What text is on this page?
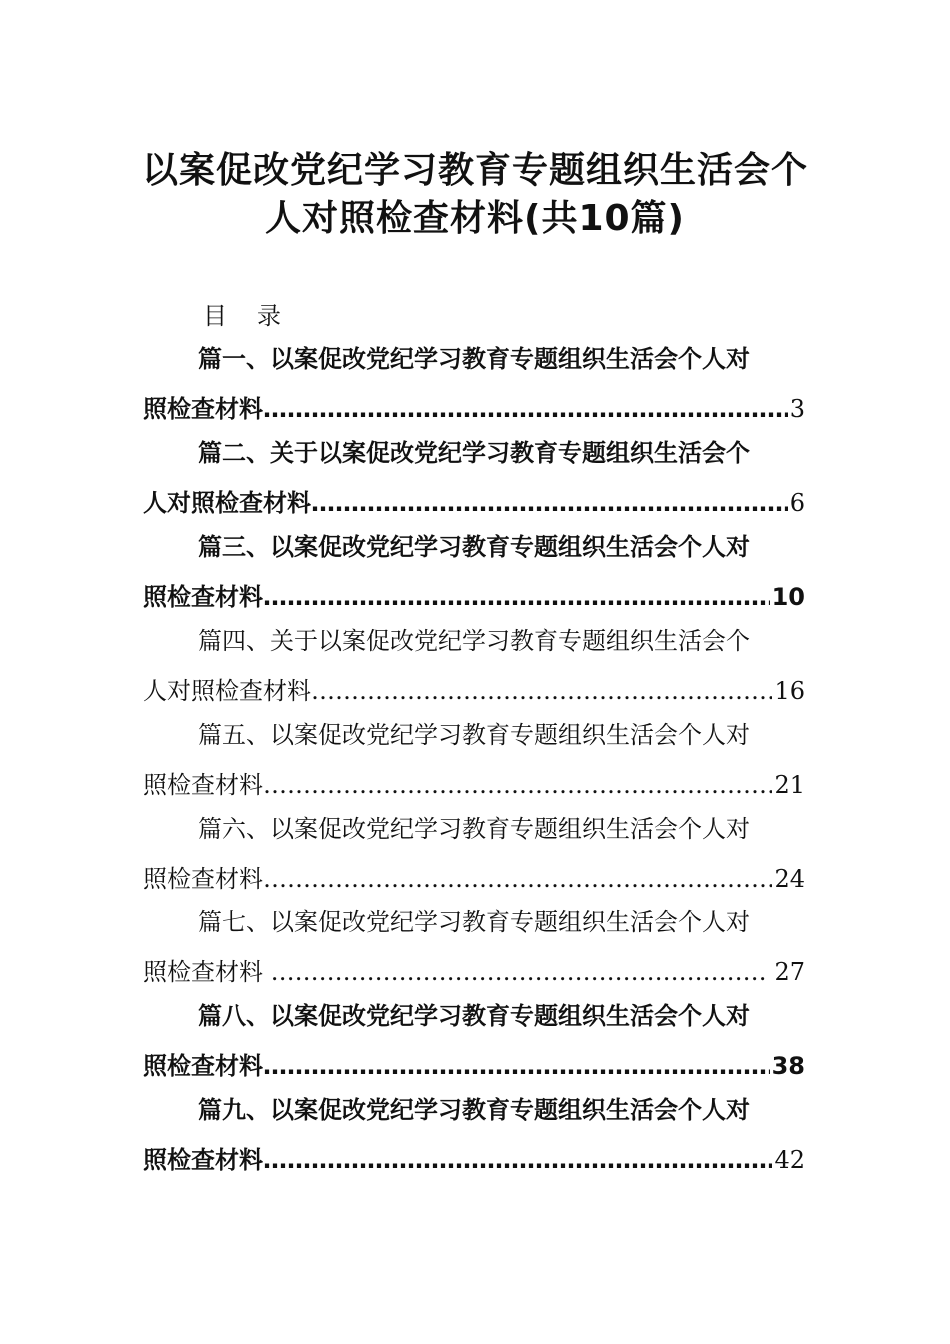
以案促改党纪学习教育专题组织生活会个
人对照检查材料(共10篇)
目 录
篇一、以案促改党纪学习教育专题组织生活会个人对
照检查材料 ………………………………………………………………………………………………………	3
篇二、关于以案促改党纪学习教育专题组织生活会个
人对照检查材料 ………………………………………………………………………………………………………	6
篇三、以案促改党纪学习教育专题组织生活会个人对
照检查材料 ………………………………………………………………………………………………………	10
篇四、关于以案促改党纪学习教育专题组织生活会个
人对照检查材料 ………………………………………………………………………………………………………	16
篇五、以案促改党纪学习教育专题组织生活会个人对
照检查材料 ………………………………………………………………………………………………………	21
篇六、以案促改党纪学习教育专题组织生活会个人对
照检查材料 ………………………………………………………………………………………………………	24
篇七、以案促改党纪学习教育专题组织生活会个人对
照检查材料 ………………………………………………………………………………………………………	27
篇八、以案促改党纪学习教育专题组织生活会个人对
照检查材料 ………………………………………………………………………………………………………	38
篇九、以案促改党纪学习教育专题组织生活会个人对
照检查材料 ………………………………………………………………………………………………………	42
